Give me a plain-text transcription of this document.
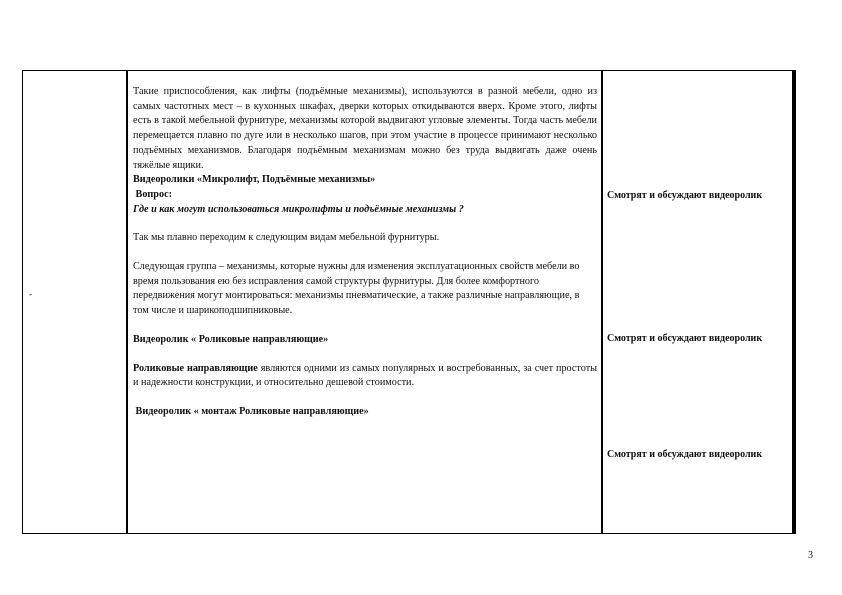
-

Такие приспособления, как лифты (подъёмные механизмы), используются в разной мебели, одно из самых частотных мест – в кухонных шкафах, дверки которых откидываются вверх. Кроме этого, лифты есть в такой мебельной фурнитуре, механизмы которой выдвигают угловые элементы. Тогда часть мебели перемещается плавно по дуге или в несколько шагов, при этом участие в процессе принимают несколько подъёмных механизмов. Благодаря подъёмным механизмам можно без труда выдвигать даже очень тяжёлые ящики.

Видеоролики «Микролифт, Подъёмные механизмы»

Вопрос:

Где и как могут использоваться микролифты и подъёмные механизмы ?

Так мы плавно переходим к следующим видам мебельной фурнитуры.

Следующая группа – механизмы, которые нужны для изменения эксплуатационных свойств мебели во время пользования ею без исправления самой структуры фурнитуры. Для более комфортного передвижения могут монтироваться: механизмы пневматические, а также различные направляющие, в том числе и шарикоподшипниковые.

Видеоролик « Роликовые направляющие»

Роликовые направляющие являются одними из самых популярных и востребованных, за счет простоты и надежности конструкции, и относительно дешевой стоимости.

Видеоролик « монтаж Роликовые направляющие»

Смотрят и обсуждают видеоролик
Смотрят и обсуждают видеоролик
Смотрят и обсуждают видеоролик
3
